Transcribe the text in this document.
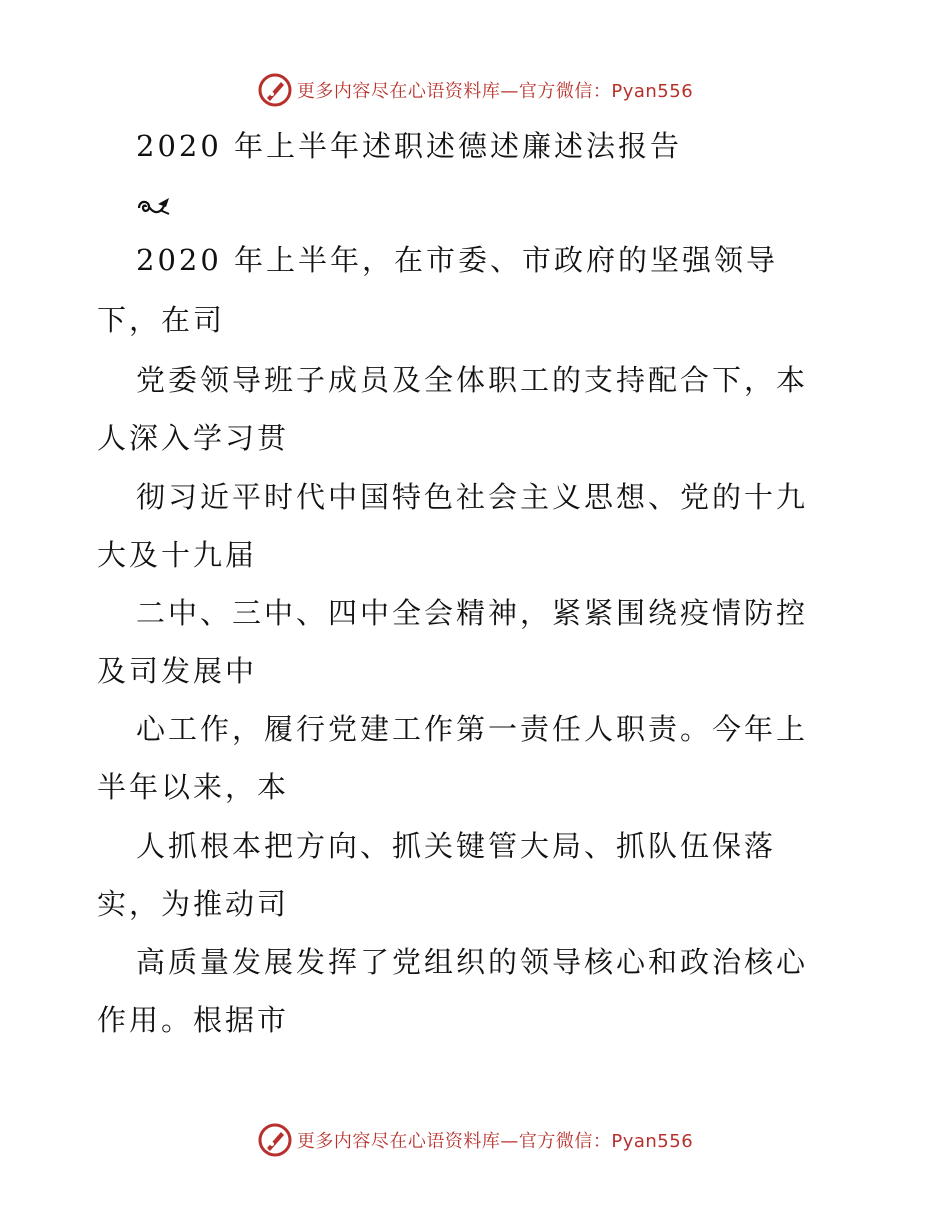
更多内容尽在心语资料库—官方微信：Pyan556
2020 年上半年述职述德述廉述法报告
2020 年上半年，在市委、市政府的坚强领导
下，在司
党委领导班子成员及全体职工的支持配合下，本
人深入学习贯
彻习近平时代中国特色社会主义思想、党的十九
大及十九届
二中、三中、四中全会精神，紧紧围绕疫情防控
及司发展中
心工作，履行党建工作第一责任人职责。今年上
半年以来，本
人抓根本把方向、抓关键管大局、抓队伍保落
实，为推动司
高质量发展发挥了党组织的领导核心和政治核心
作用。根据市
更多内容尽在心语资料库—官方微信：Pyan556
